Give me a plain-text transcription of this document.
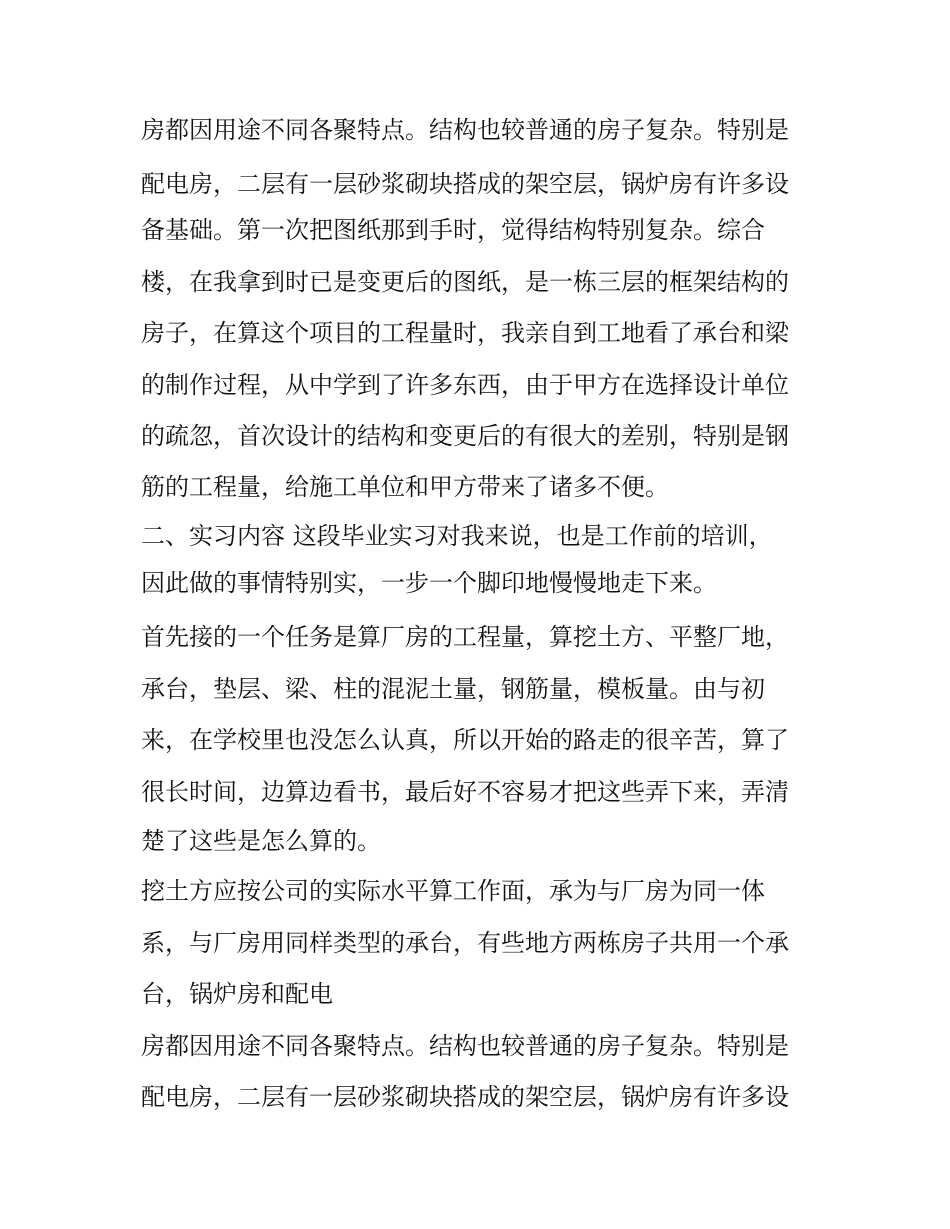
房都因用途不同各聚特点。结构也较普通的房子复杂。特别是
配电房，二层有一层砂浆砌块搭成的架空层，锅炉房有许多设
备基础。第一次把图纸那到手时，觉得结构特别复杂。综合
楼，在我拿到时已是变更后的图纸，是一栋三层的框架结构的
房子，在算这个项目的工程量时，我亲自到工地看了承台和梁
的制作过程，从中学到了许多东西，由于甲方在选择设计单位
的疏忽，首次设计的结构和变更后的有很大的差别，特别是钢
筋的工程量，给施工单位和甲方带来了诸多不便。
二、实习内容 这段毕业实习对我来说，也是工作前的培训，
因此做的事情特别实，一步一个脚印地慢慢地走下来。
首先接的一个任务是算厂房的工程量，算挖土方、平整厂地，
承台，垫层、梁、柱的混泥土量，钢筋量，模板量。由与初
来，在学校里也没怎么认真，所以开始的路走的很辛苦，算了
很长时间，边算边看书，最后好不容易才把这些弄下来，弄清
楚了这些是怎么算的。
挖土方应按公司的实际水平算工作面，承为与厂房为同一体
系，与厂房用同样类型的承台，有些地方两栋房子共用一个承
台，锅炉房和配电
房都因用途不同各聚特点。结构也较普通的房子复杂。特别是
配电房，二层有一层砂浆砌块搭成的架空层，锅炉房有许多设
